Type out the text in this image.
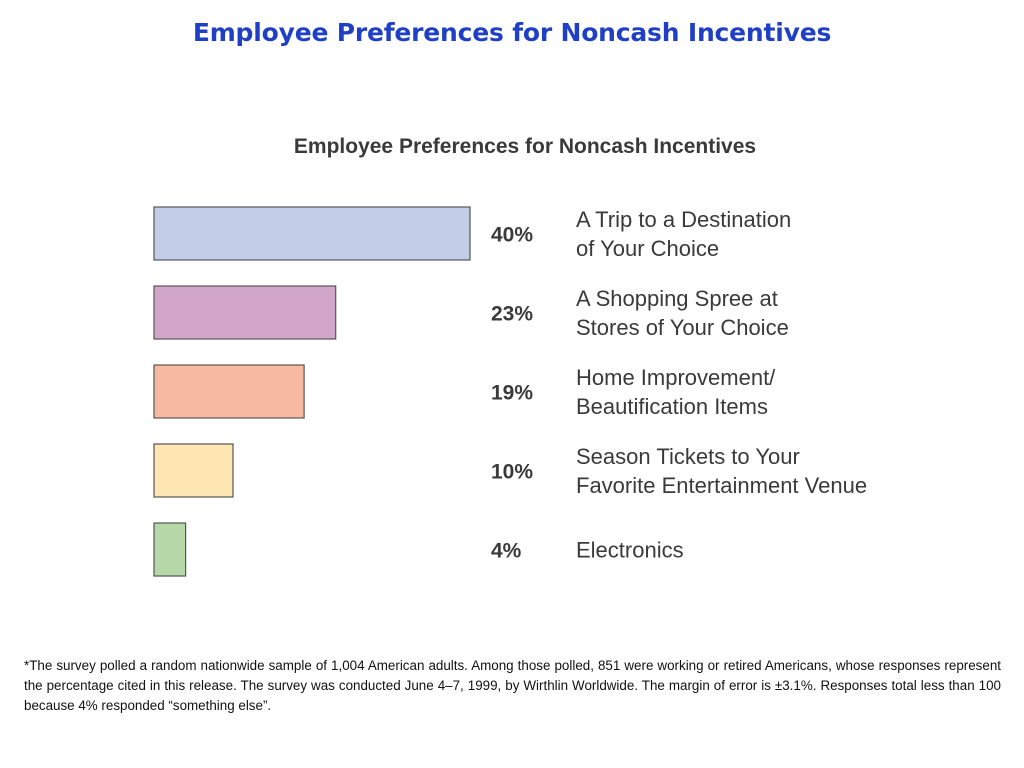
Employee Preferences for Noncash Incentives
Employee Preferences for Noncash Incentives
40%
A Trip to a Destination
of Your Choice
23%
A Shopping Spree at
Stores of Your Choice
19%
Home Improvement/
Beautification Items
10%
Season Tickets to Your
Favorite Entertainment Venue
4% Electronics
*The survey polled a random nationwide sample of 1,004 American adults. Among those polled, 851 were working or retired Americans, whose responses represent the percentage cited in this release. The survey was conducted June 4–7, 1999, by Wirthlin Worldwide. The margin of error is ±3.1%. Responses total less than 100 because 4% responded “something else”.
